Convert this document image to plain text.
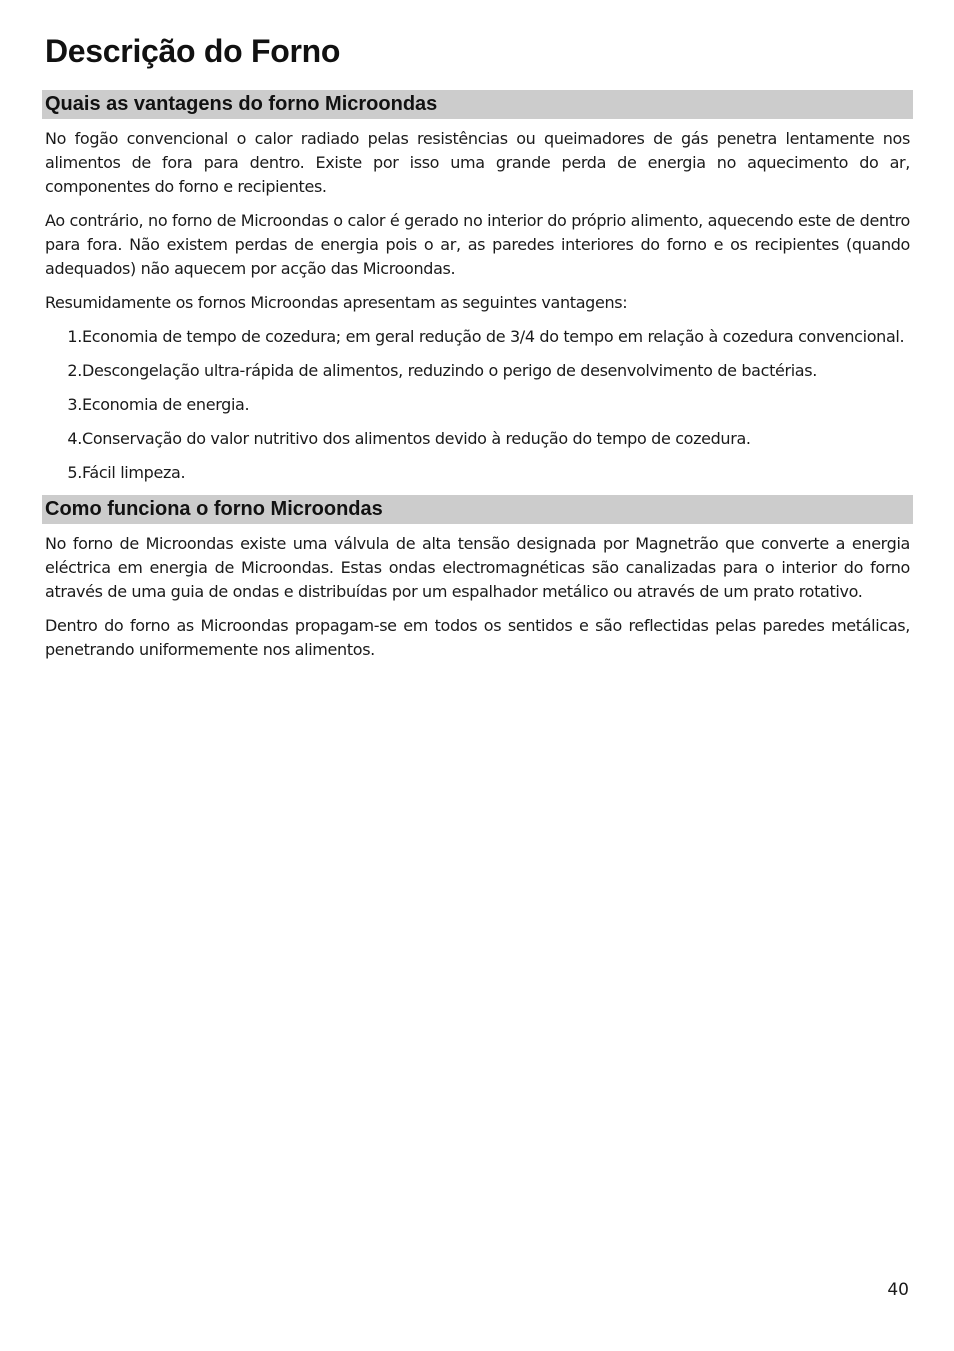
Descrição do Forno
Quais as vantagens do forno Microondas

No fogão convencional o calor radiado pelas resistências ou queimadores de gás penetra lentamente nos alimentos de fora para dentro. Existe por isso uma grande perda de energia no aquecimento do ar, componentes do forno e recipientes.

Ao contrário, no forno de Microondas o calor é gerado no interior do próprio alimento, aquecendo este de dentro para fora. Não existem perdas de energia pois o ar, as paredes interiores do forno e os recipientes (quando adequados) não aquecem por acção das Microondas.

Resumidamente os fornos Microondas apresentam as seguintes vantagens:

1. Economia de tempo de cozedura; em geral redução de 3/4 do tempo em relação à cozedura convencional.
2. Descongelação ultra-rápida de alimentos, reduzindo o perigo de desenvolvimento de bactérias.
3. Economia de energia.
4. Conservação do valor nutritivo dos alimentos devido à redução do tempo de cozedura.
5. Fácil limpeza.
Como funciona o forno Microondas

No forno de Microondas existe uma válvula de alta tensão designada por Magnetrão que converte a energia eléctrica em energia de Microondas. Estas ondas electromagnéticas são canalizadas para o interior do forno através de uma guia de ondas e distribuídas por um espalhador metálico ou através de um prato rotativo.

Dentro do forno as Microondas propagam-se em todos os sentidos e são reflectidas pelas paredes metálicas, penetrando uniformemente nos alimentos.

40
